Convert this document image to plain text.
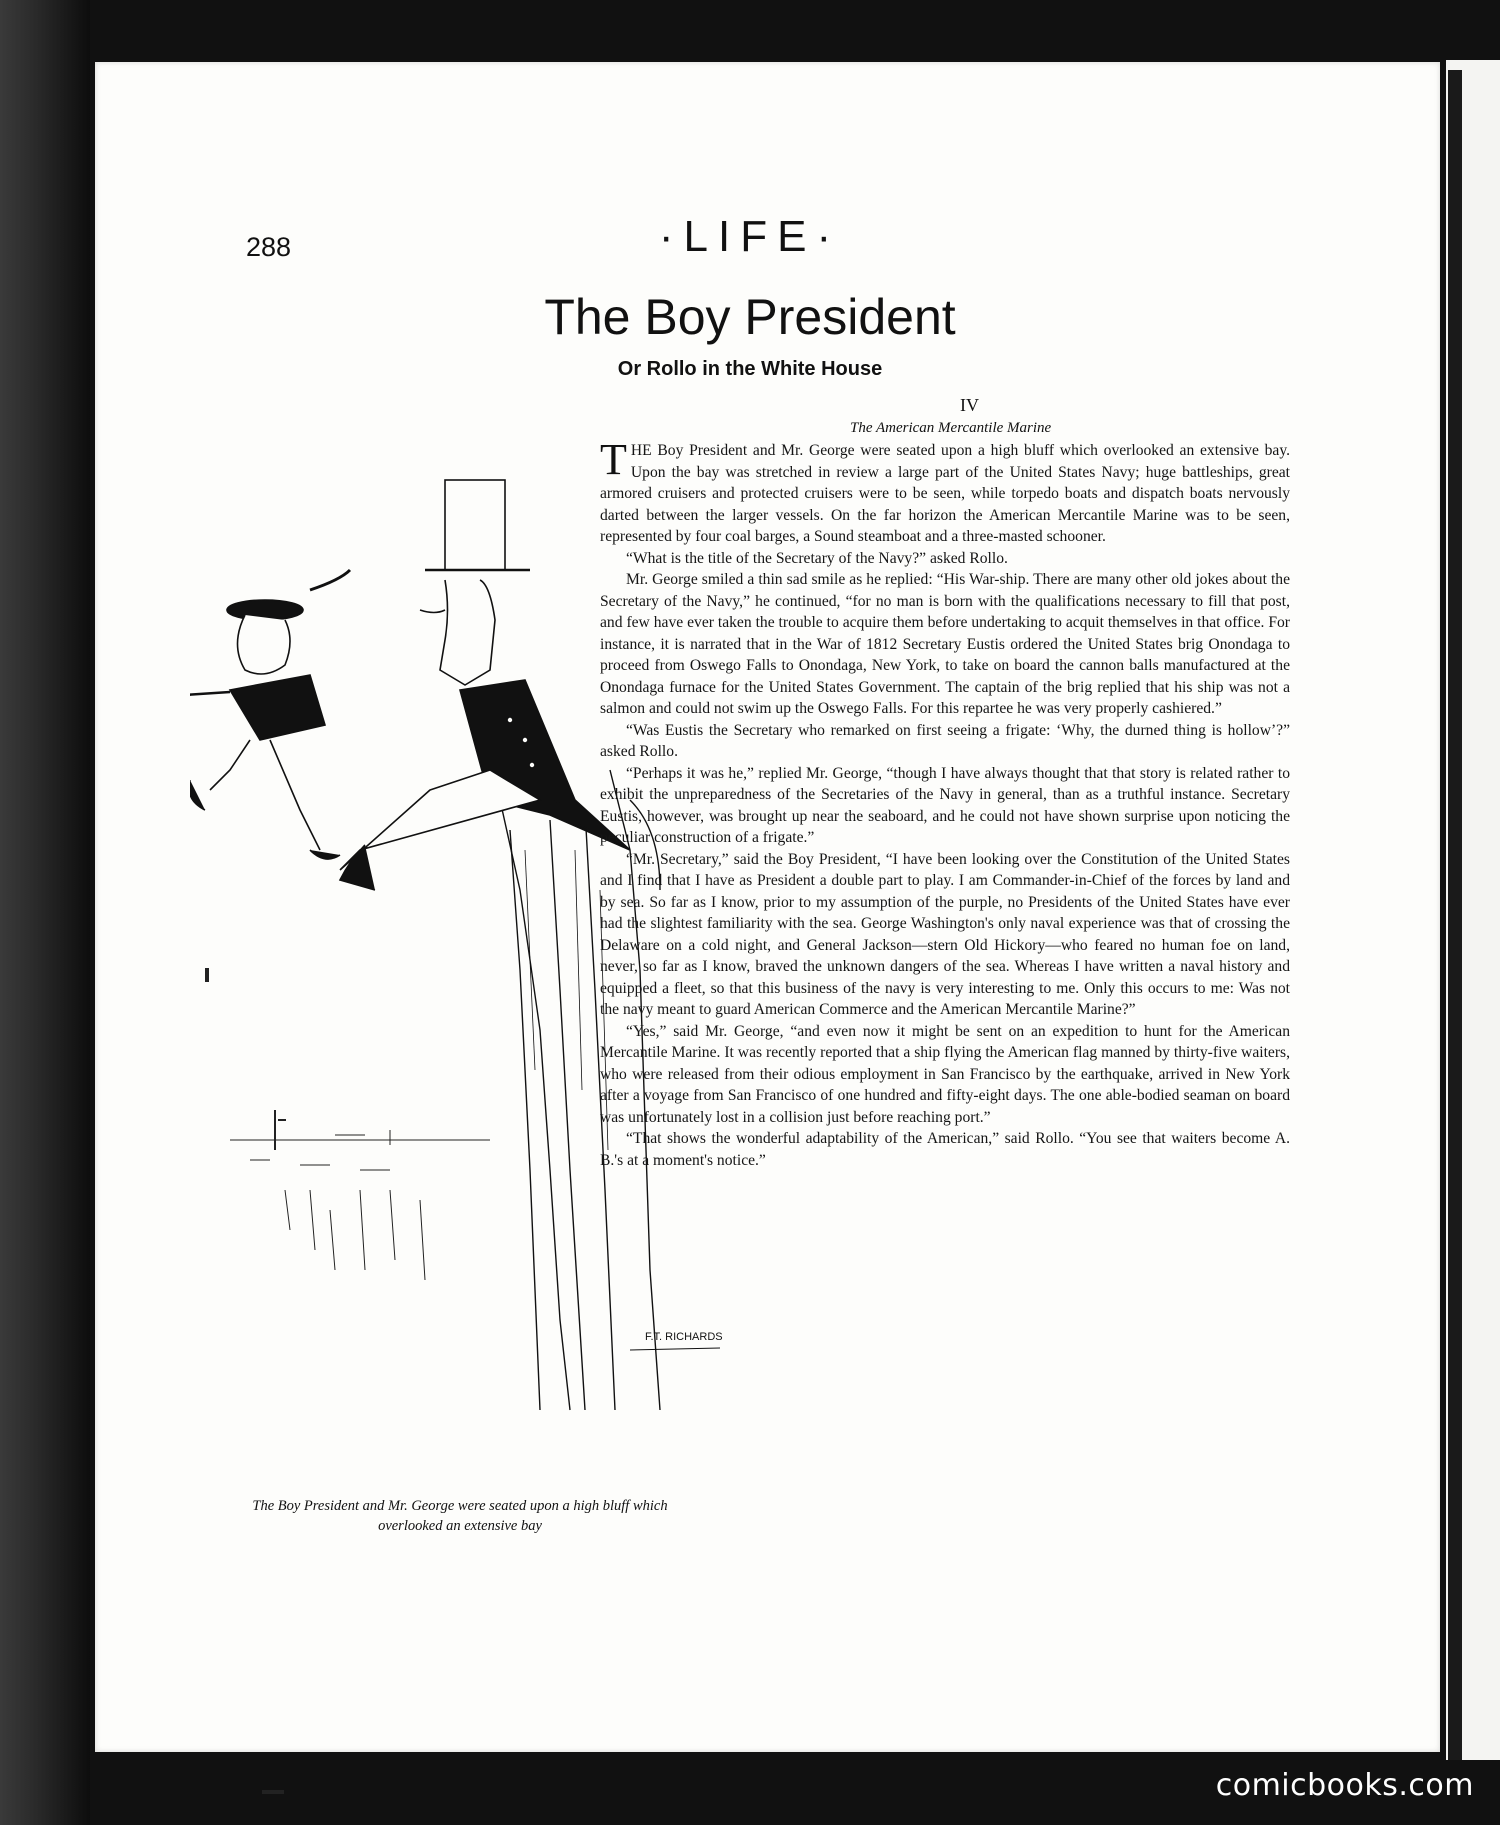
288	·LIFE·
The Boy President
Or Rollo in the White House
IV
The American Mercantile Marine
F.T. RICHARDS
The Boy President and Mr. George were seated upon a high bluff which overlooked an extensive bay

THE Boy President and Mr. George were seated upon a high bluff which overlooked an extensive bay. Upon the bay was stretched in review a large part of the United States Navy; huge battleships, great armored cruisers and protected cruisers were to be seen, while torpedo boats and dispatch boats nervously darted between the larger vessels. On the far horizon the American Mercantile Marine was to be seen, represented by four coal barges, a Sound steamboat and a three-masted schooner.

“What is the title of the Secretary of the Navy?” asked Rollo.

Mr. George smiled a thin sad smile as he replied: “His War-ship. There are many other old jokes about the Secretary of the Navy,” he continued, “for no man is born with the qualifications necessary to fill that post, and few have ever taken the trouble to acquire them before undertaking to acquit themselves in that office. For instance, it is narrated that in the War of 1812 Secretary Eustis ordered the United States brig Onondaga to proceed from Oswego Falls to Onondaga, New York, to take on board the cannon balls manufactured at the Onondaga furnace for the United States Government. The captain of the brig replied that his ship was not a salmon and could not swim up the Oswego Falls. For this repartee he was very properly cashiered.”

“Was Eustis the Secretary who remarked on first seeing a frigate: ‘Why, the durned thing is hollow’?” asked Rollo.

“Perhaps it was he,” replied Mr. George, “though I have always thought that that story is related rather to exhibit the unpreparedness of the Secretaries of the Navy in general, than as a truthful instance. Secretary Eustis, however, was brought up near the seaboard, and he could not have shown surprise upon noticing the peculiar construction of a frigate.”

“Mr. Secretary,” said the Boy President, “I have been looking over the Constitution of the United States and I find that I have as President a double part to play. I am Commander-in-Chief of the forces by land and by sea. So far as I know, prior to my assumption of the purple, no Presidents of the United States have ever had the slightest familiarity with the sea. George Washington's only naval experience was that of crossing the Delaware on a cold night, and General Jackson—stern Old Hickory—who feared no human foe on land, never, so far as I know, braved the unknown dangers of the sea. Whereas I have written a naval history and equipped a fleet, so that this business of the navy is very interesting to me. Only this occurs to me: Was not the navy meant to guard American Commerce and the American Mercantile Marine?”

“Yes,” said Mr. George, “and even now it might be sent on an expedition to hunt for the American Mercantile Marine. It was recently reported that a ship flying the American flag manned by thirty-five waiters, who were released from their odious employment in San Francisco by the earthquake, arrived in New York after a voyage from San Francisco of one hundred and fifty-eight days. The one able-bodied seaman on board was unfortunately lost in a collision just before reaching port.”

“That shows the wonderful adaptability of the American,” said Rollo. “You see that waiters become A. B.'s at a moment's notice.”

comicbooks.com
